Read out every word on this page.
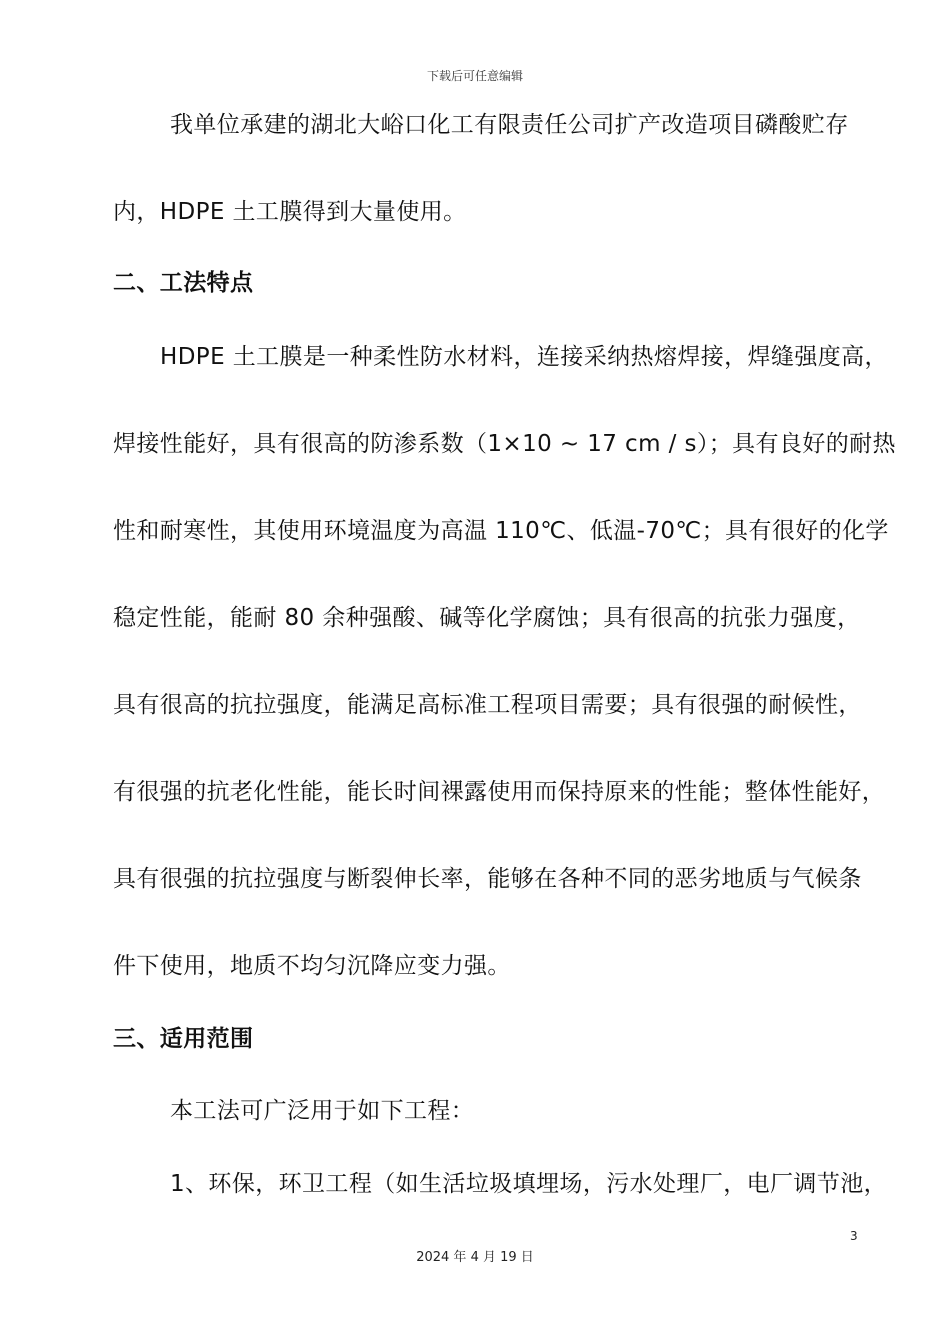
下载后可任意编辑
我单位承建的湖北大峪口化工有限责任公司扩产改造项目磷酸贮存
内，HDPE 土工膜得到大量使用。
二、工法特点
HDPE 土工膜是一种柔性防水材料，连接采纳热熔焊接，焊缝强度高，
焊接性能好，具有很高的防渗系数（1×10 ~ 17 cm / s）；具有良好的耐热
性和耐寒性，其使用环境温度为高温 110℃、低温-70℃；具有很好的化学
稳定性能，能耐 80 余种强酸、碱等化学腐蚀；具有很高的抗张力强度，
具有很高的抗拉强度，能满足高标准工程项目需要；具有很强的耐候性，
有很强的抗老化性能，能长时间裸露使用而保持原来的性能；整体性能好，
具有很强的抗拉强度与断裂伸长率，能够在各种不同的恶劣地质与气候条
件下使用，地质不均匀沉降应变力强。
三、适用范围
本工法可广泛用于如下工程：
1、环保，环卫工程（如生活垃圾填埋场，污水处理厂，电厂调节池，
3
2024 年 4 月 19 日
